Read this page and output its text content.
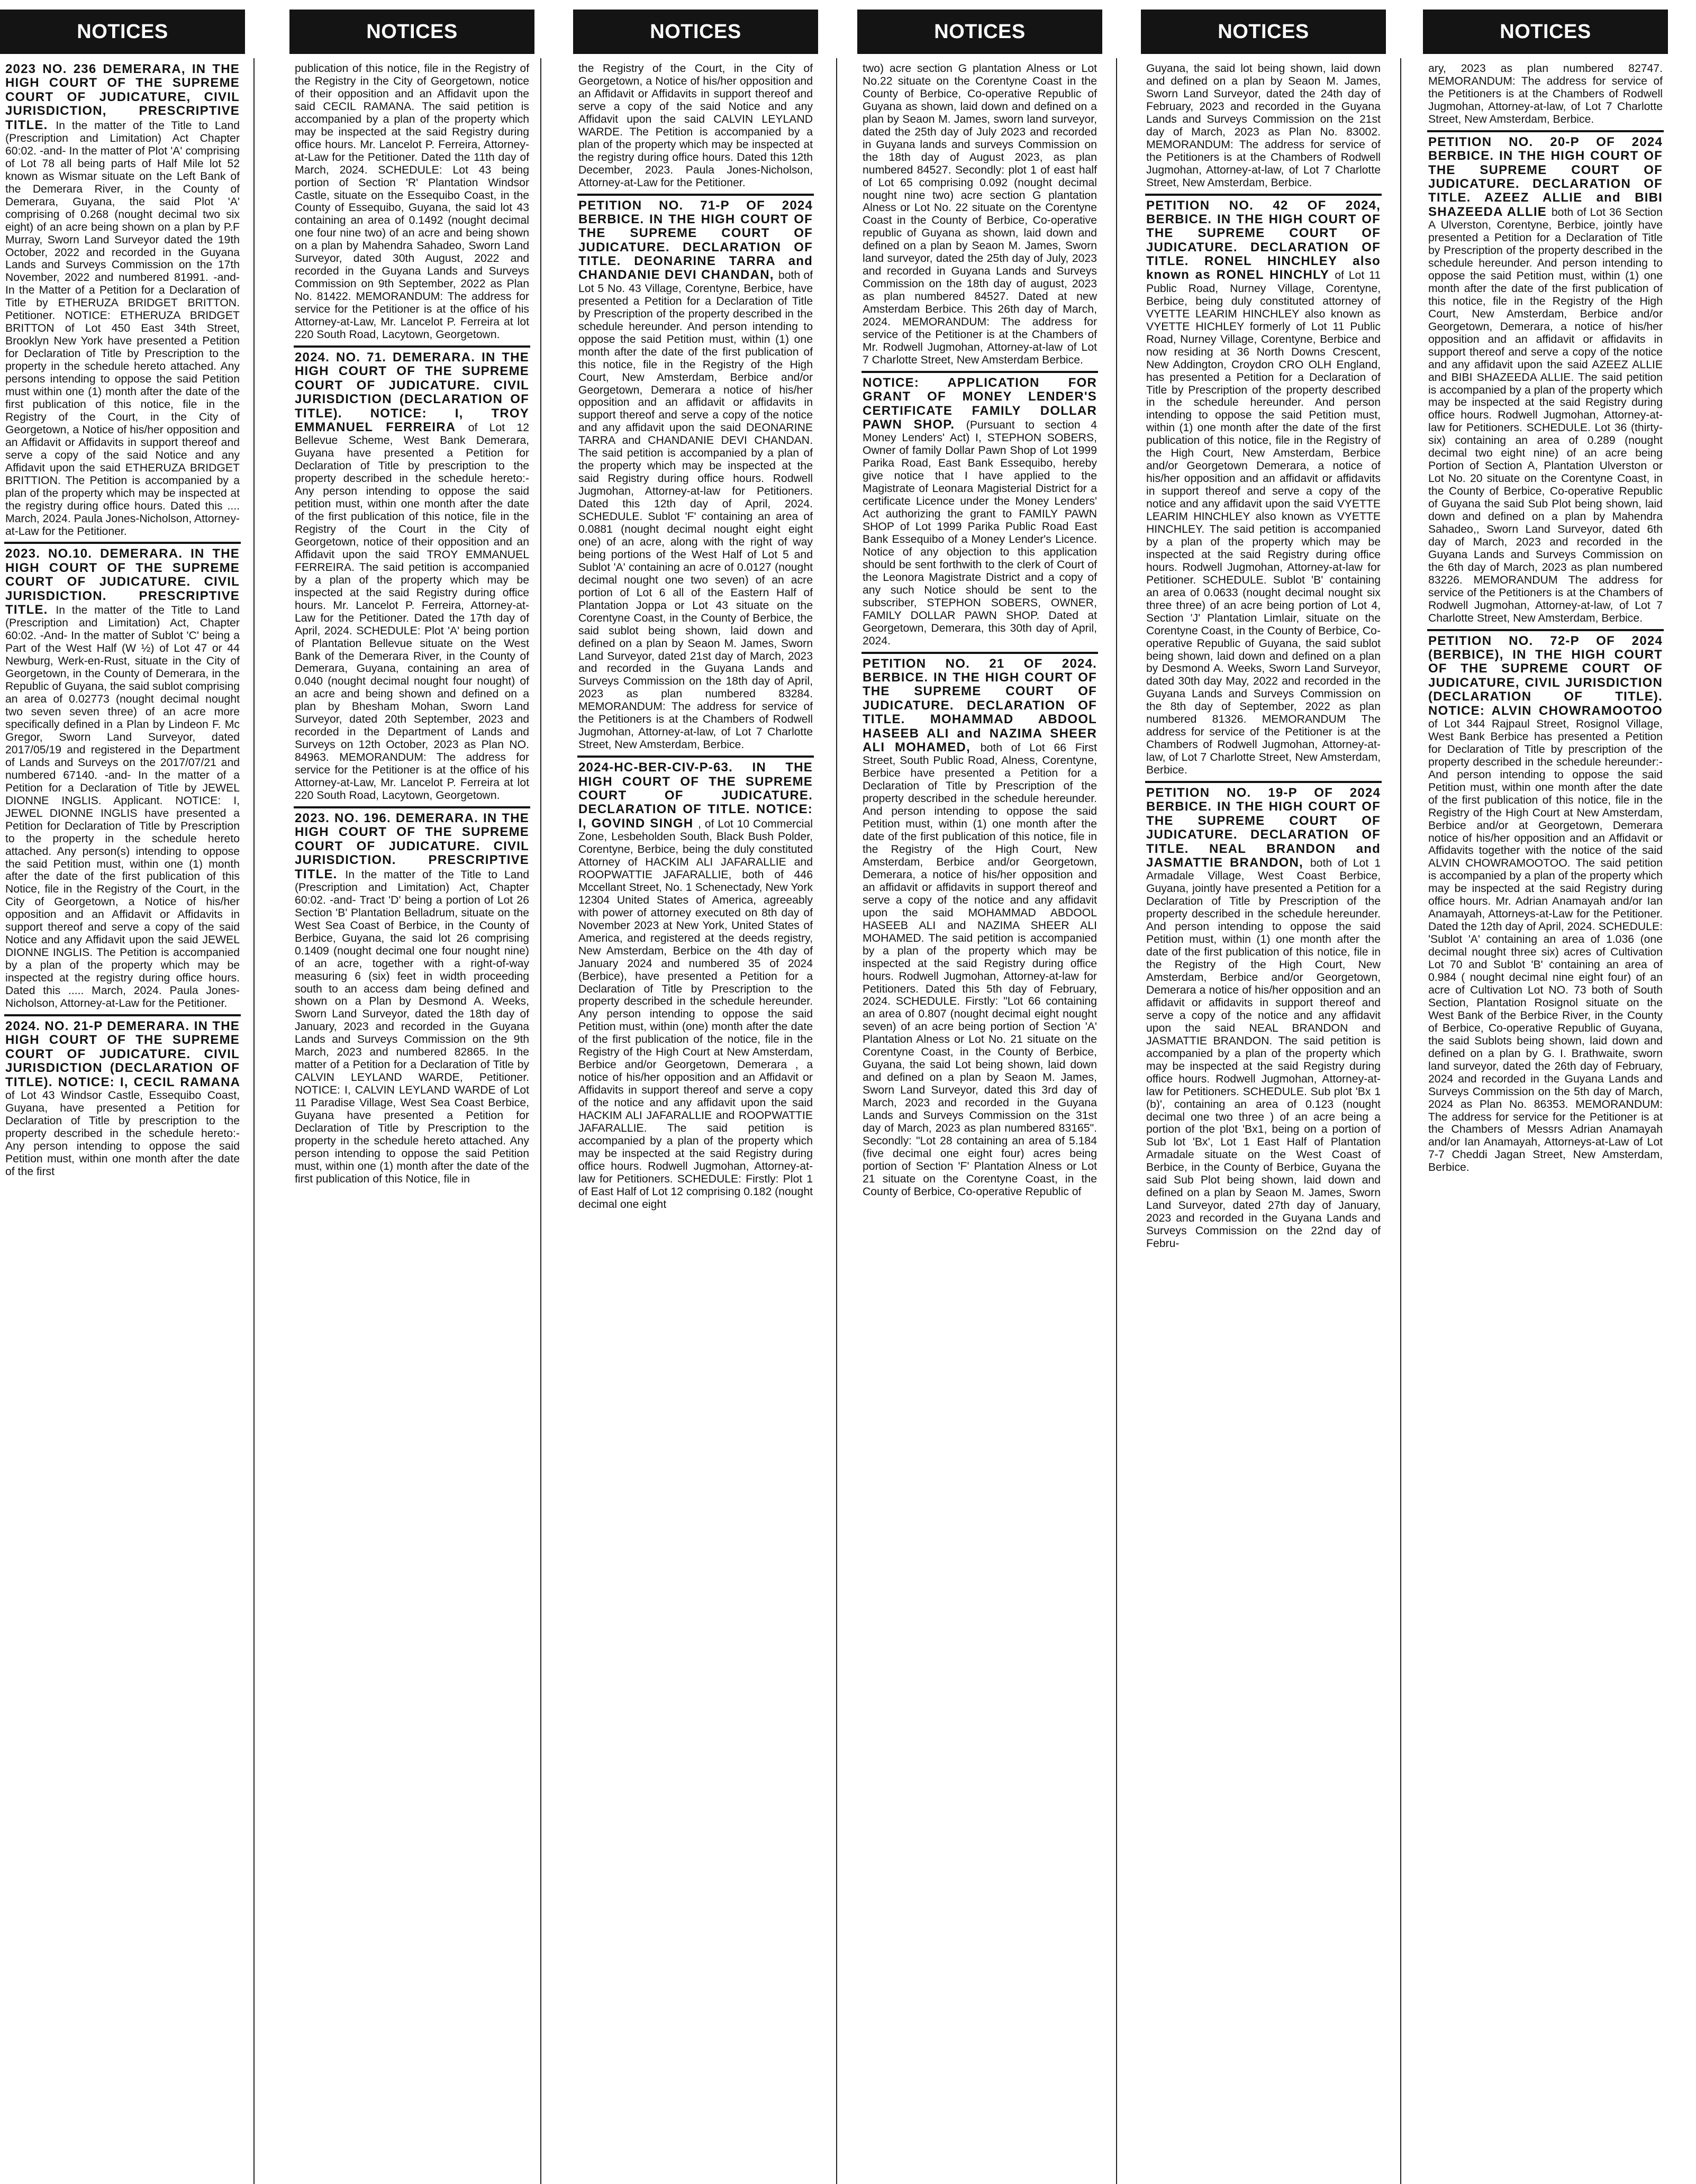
NOTICES
2023 NO. 236 DEMERARA, IN THE HIGH COURT OF THE SUPREME COURT OF JUDICATURE, CIVIL JURISDICTION, PRESCRIPTIVE TITLE. In the matter of the Title to Land (Prescription and Limitation) Act Chapter 60:02. -and- In the matter of Plot 'A' comprising of Lot 78 all being parts of Half Mile lot 52 known as Wismar situate on the Left Bank of the Demerara River, in the County of Demerara, Guyana, the said Plot 'A' comprising of 0.268 (nought decimal two six eight) of an acre being shown on a plan by P.F Murray, Sworn Land Surveyor dated the 19th October, 2022 and recorded in the Guyana Lands and Surveys Commission on the 17th November, 2022 and numbered 81991. -and- In the Matter of a Petition for a Declaration of Title by ETHERUZA BRIDGET BRITTON. Petitioner. NOTICE: ETHERUZA BRIDGET BRITTON of Lot 450 East 34th Street, Brooklyn New York have presented a Petition for Declaration of Title by Prescription to the property in the schedule hereto attached. Any persons intending to oppose the said Petition must within one (1) month after the date of the first publication of this notice, file in the Registry of the Court, in the City of Georgetown, a Notice of his/her opposition and an Affidavit or Affidavits in support thereof and serve a copy of the said Notice and any Affidavit upon the said ETHERUZA BRIDGET BRITTION. The Petition is accompanied by a plan of the property which may be inspected at the registry during office hours. Dated this .... March, 2024. Paula Jones-Nicholson, Attorney-at-Law for the Petitioner.
2023. NO.10. DEMERARA. IN THE HIGH COURT OF THE SUPREME COURT OF JUDICATURE. CIVIL JURISDICTION. PRESCRIPTIVE TITLE. In the matter of the Title to Land (Prescription and Limitation) Act, Chapter 60:02. -And- In the matter of Sublot 'C' being a Part of the West Half (W ½) of Lot 47 or 44 Newburg, Werk-en-Rust, situate in the City of Georgetown, in the County of Demerara, in the Republic of Guyana, the said sublot comprising an area of 0.02773 (nought decimal nought two seven seven three) of an acre more specifically defined in a Plan by Lindeon F. Mc Gregor, Sworn Land Surveyor, dated 2017/05/19 and registered in the Department of Lands and Surveys on the 2017/07/21 and numbered 67140. -and- In the matter of a Petition for a Declaration of Title by JEWEL DIONNE INGLIS. Applicant. NOTICE: I, JEWEL DIONNE INGLIS have presented a Petition for Declaration of Title by Prescription to the property in the schedule hereto attached. Any person(s) intending to oppose the said Petition must, within one (1) month after the date of the first publication of this Notice, file in the Registry of the Court, in the City of Georgetown, a Notice of his/her opposition and an Affidavit or Affidavits in support thereof and serve a copy of the said Notice and any Affidavit upon the said JEWEL DIONNE INGLIS. The Petition is accompanied by a plan of the property which may be inspected at the registry during office hours. Dated this ..... March, 2024. Paula Jones-Nicholson, Attorney-at-Law for the Petitioner.
2024. NO. 21-P DEMERARA. IN THE HIGH COURT OF THE SUPREME COURT OF JUDICATURE. CIVIL JURISDICTION (DECLARATION OF TITLE). NOTICE: I, CECIL RAMANA of Lot 43 Windsor Castle, Essequibo Coast, Guyana, have presented a Petition for Declaration of Title by prescription to the property described in the schedule hereto:- Any person intending to oppose the said Petition must, within one month after the date of the first
NOTICES
publication of this notice, file in the Registry of the Registry in the City of Georgetown, notice of their opposition and an Affidavit upon the said CECIL RAMANA. The said petition is accompanied by a plan of the property which may be inspected at the said Registry during office hours. Mr. Lancelot P. Ferreira, Attorney-at-Law for the Petitioner. Dated the 11th day of March, 2024. SCHEDULE: Lot 43 being portion of Section 'R' Plantation Windsor Castle, situate on the Essequibo Coast, in the County of Essequibo, Guyana, the said lot 43 containing an area of 0.1492 (nought decimal one four nine two) of an acre and being shown on a plan by Mahendra Sahadeo, Sworn Land Surveyor, dated 30th August, 2022 and recorded in the Guyana Lands and Surveys Commission on 9th September, 2022 as Plan No. 81422. MEMORANDUM: The address for service for the Petitioner is at the office of his Attorney-at-Law, Mr. Lancelot P. Ferreira at lot 220 South Road, Lacytown, Georgetown.
2024. NO. 71. DEMERARA. IN THE HIGH COURT OF THE SUPREME COURT OF JUDICATURE. CIVIL JURISDICTION (DECLARATION OF TITLE). NOTICE: I, TROY EMMANUEL FERREIRA of Lot 12 Bellevue Scheme, West Bank Demerara, Guyana have presented a Petition for Declaration of Title by prescription to the property described in the schedule hereto:- Any person intending to oppose the said petition must, within one month after the date of the first publication of this notice, file in the Registry of the Court in the City of Georgetown, notice of their opposition and an Affidavit upon the said TROY EMMANUEL FERREIRA. The said petition is accompanied by a plan of the property which may be inspected at the said Registry during office hours. Mr. Lancelot P. Ferreira, Attorney-at-Law for the Petitioner. Dated the 17th day of April, 2024. SCHEDULE: Plot 'A' being portion of Plantation Bellevue situate on the West Bank of the Demerara River, in the County of Demerara, Guyana, containing an area of 0.040 (nought decimal nought four nought) of an acre and being shown and defined on a plan by Bhesham Mohan, Sworn Land Surveyor, dated 20th September, 2023 and recorded in the Department of Lands and Surveys on 12th October, 2023 as Plan NO. 84963. MEMORANDUM: The address for service for the Petitioner is at the office of his Attorney-at-Law, Mr. Lancelot P. Ferreira at lot 220 South Road, Lacytown, Georgetown.
2023. NO. 196. DEMERARA. IN THE HIGH COURT OF THE SUPREME COURT OF JUDICATURE. CIVIL JURISDICTION. PRESCRIPTIVE TITLE. In the matter of the Title to Land (Prescription and Limitation) Act, Chapter 60:02. -and- Tract 'D' being a portion of Lot 26 Section 'B' Plantation Belladrum, situate on the West Sea Coast of Berbice, in the County of Berbice, Guyana, the said lot 26 comprising 0.1409 (nought decimal one four nought nine) of an acre, together with a right-of-way measuring 6 (six) feet in width proceeding south to an access dam being defined and shown on a Plan by Desmond A. Weeks, Sworn Land Surveyor, dated the 18th day of January, 2023 and recorded in the Guyana Lands and Surveys Commission on the 9th March, 2023 and numbered 82865. In the matter of a Petition for a Declaration of Title by CALVIN LEYLAND WARDE, Petitioner. NOTICE: I, CALVIN LEYLAND WARDE of Lot 11 Paradise Village, West Sea Coast Berbice, Guyana have presented a Petition for Declaration of Title by Prescription to the property in the schedule hereto attached. Any person intending to oppose the said Petition must, within one (1) month after the date of the first publication of this Notice, file in
NOTICES
the Registry of the Court, in the City of Georgetown, a Notice of his/her opposition and an Affidavit or Affidavits in support thereof and serve a copy of the said Notice and any Affidavit upon the said CALVIN LEYLAND WARDE. The Petition is accompanied by a plan of the property which may be inspected at the registry during office hours. Dated this 12th December, 2023. Paula Jones-Nicholson, Attorney-at-Law for the Petitioner.
PETITION NO. 71-P OF 2024 BERBICE. IN THE HIGH COURT OF THE SUPREME COURT OF JUDICATURE. DECLARATION OF TITLE. DEONARINE TARRA and CHANDANIE DEVI CHANDAN, both of Lot 5 No. 43 Village, Corentyne, Berbice, have presented a Petition for a Declaration of Title by Prescription of the property described in the schedule hereunder. And person intending to oppose the said Petition must, within (1) one month after the date of the first publication of this notice, file in the Registry of the High Court, New Amsterdam, Berbice and/or Georgetown, Demerara a notice of his/her opposition and an affidavit or affidavits in support thereof and serve a copy of the notice and any affidavit upon the said DEONARINE TARRA and CHANDANIE DEVI CHANDAN. The said petition is accompanied by a plan of the property which may be inspected at the said Registry during office hours. Rodwell Jugmohan, Attorney-at-law for Petitioners. Dated this 12th day of April, 2024. SCHEDULE. Sublot 'F' containing an area of 0.0881 (nought decimal nought eight eight one) of an acre, along with the right of way being portions of the West Half of Lot 5 and Sublot 'A' containing an acre of 0.0127 (nought decimal nought one two seven) of an acre portion of Lot 6 all of the Eastern Half of Plantation Joppa or Lot 43 situate on the Corentyne Coast, in the County of Berbice, the said sublot being shown, laid down and defined on a plan by Seaon M. James, Sworn Land Surveyor, dated 21st day of March, 2023 and recorded in the Guyana Lands and Surveys Commission on the 18th day of April, 2023 as plan numbered 83284. MEMORANDUM: The address for service of the Petitioners is at the Chambers of Rodwell Jugmohan, Attorney-at-law, of Lot 7 Charlotte Street, New Amsterdam, Berbice.
2024-HC-BER-CIV-P-63. IN THE HIGH COURT OF THE SUPREME COURT OF JUDICATURE. DECLARATION OF TITLE. NOTICE: I, GOVIND SINGH , of Lot 10 Commercial Zone, Lesbeholden South, Black Bush Polder, Corentyne, Berbice, being the duly constituted Attorney of HACKIM ALI JAFARALLIE and ROOPWATTIE JAFARALLIE, both of 446 Mccellant Street, No. 1 Schenectady, New York 12304 United States of America, agreeably with power of attorney executed on 8th day of November 2023 at New York, United States of America, and registered at the deeds registry, New Amsterdam, Berbice on the 4th day of January 2024 and numbered 35 of 2024 (Berbice), have presented a Petition for a Declaration of Title by Prescription to the property described in the schedule hereunder. Any person intending to oppose the said Petition must, within (one) month after the date of the first publication of the notice, file in the Registry of the High Court at New Amsterdam, Berbice and/or Georgetown, Demerara , a notice of his/her opposition and an Affidavit or Affidavits in support thereof and serve a copy of the notice and any affidavit upon the said HACKIM ALI JAFARALLIE and ROOPWATTIE JAFARALLIE. The said petition is accompanied by a plan of the property which may be inspected at the said Registry during office hours. Rodwell Jugmohan, Attorney-at-law for Petitioners. SCHEDULE: Firstly: Plot 1 of East Half of Lot 12 comprising 0.182 (nought decimal one eight
NOTICES
two) acre section G plantation Alness or Lot No.22 situate on the Corentyne Coast in the County of Berbice, Co-operative Republic of Guyana as shown, laid down and defined on a plan by Seaon M. James, sworn land surveyor, dated the 25th day of July 2023 and recorded in Guyana lands and surveys Commission on the 18th day of August 2023, as plan numbered 84527. Secondly: plot 1 of east half of Lot 65 comprising 0.092 (nought decimal nought nine two) acre section G plantation Alness or Lot No. 22 situate on the Corentyne Coast in the County of Berbice, Co-operative republic of Guyana as shown, laid down and defined on a plan by Seaon M. James, Sworn land surveyor, dated the 25th day of July, 2023 and recorded in Guyana Lands and Surveys Commission on the 18th day of august, 2023 as plan numbered 84527. Dated at new Amsterdam Berbice. This 26th day of March, 2024. MEMORANDUM: The address for service of the Petitioner is at the Chambers of Mr. Rodwell Jugmohan, Attorney-at-law of Lot 7 Charlotte Street, New Amsterdam Berbice.
NOTICE: APPLICATION FOR GRANT OF MONEY LENDER'S CERTIFICATE FAMILY DOLLAR PAWN SHOP. (Pursuant to section 4 Money Lenders' Act) I, STEPHON SOBERS, Owner of family Dollar Pawn Shop of Lot 1999 Parika Road, East Bank Essequibo, hereby give notice that I have applied to the Magistrate of Leonara Magisterial District for a certificate Licence under the Money Lenders' Act authorizing the grant to FAMILY PAWN SHOP of Lot 1999 Parika Public Road East Bank Essequibo of a Money Lender's Licence. Notice of any objection to this application should be sent forthwith to the clerk of Court of the Leonora Magistrate District and a copy of any such Notice should be sent to the subscriber, STEPHON SOBERS, OWNER, FAMILY DOLLAR PAWN SHOP. Dated at Georgetown, Demerara, this 30th day of April, 2024.
PETITION NO. 21 OF 2024. BERBICE. IN THE HIGH COURT OF THE SUPREME COURT OF JUDICATURE. DECLARATION OF TITLE. MOHAMMAD ABDOOL HASEEB ALI and NAZIMA SHEER ALI MOHAMED, both of Lot 66 First Street, South Public Road, Alness, Corentyne, Berbice have presented a Petition for a Declaration of Title by Prescription of the property described in the schedule hereunder. And person intending to oppose the said Petition must, within (1) one month after the date of the first publication of this notice, file in the Registry of the High Court, New Amsterdam, Berbice and/or Georgetown, Demerara, a notice of his/her opposition and an affidavit or affidavits in support thereof and serve a copy of the notice and any affidavit upon the said MOHAMMAD ABDOOL HASEEB ALI and NAZIMA SHEER ALI MOHAMED. The said petition is accompanied by a plan of the property which may be inspected at the said Registry during office hours. Rodwell Jugmohan, Attorney-at-law for Petitioners. Dated this 5th day of February, 2024. SCHEDULE. Firstly: "Lot 66 containing an area of 0.807 (nought decimal eight nought seven) of an acre being portion of Section 'A' Plantation Alness or Lot No. 21 situate on the Corentyne Coast, in the County of Berbice, Guyana, the said Lot being shown, laid down and defined on a plan by Seaon M. James, Sworn Land Surveyor, dated this 3rd day of March, 2023 and recorded in the Guyana Lands and Surveys Commission on the 31st day of March, 2023 as plan numbered 83165". Secondly: "Lot 28 containing an area of 5.184 (five decimal one eight four) acres being portion of Section 'F' Plantation Alness or Lot 21 situate on the Corentyne Coast, in the County of Berbice, Co-operative Republic of
NOTICES
Guyana, the said lot being shown, laid down and defined on a plan by Seaon M. James, Sworn Land Surveyor, dated the 24th day of February, 2023 and recorded in the Guyana Lands and Surveys Commission on the 21st day of March, 2023 as Plan No. 83002. MEMORANDUM: The address for service of the Petitioners is at the Chambers of Rodwell Jugmohan, Attorney-at-law, of Lot 7 Charlotte Street, New Amsterdam, Berbice.
PETITION NO. 42 OF 2024, BERBICE. IN THE HIGH COURT OF THE SUPREME COURT OF JUDICATURE. DECLARATION OF TITLE. RONEL HINCHLEY also known as RONEL HINCHLY of Lot 11 Public Road, Nurney Village, Corentyne, Berbice, being duly constituted attorney of VYETTE LEARIM HINCHLEY also known as VYETTE HICHLEY formerly of Lot 11 Public Road, Nurney Village, Corentyne, Berbice and now residing at 36 North Downs Crescent, New Addington, Croydon CRO OLH England, has presented a Petition for a Declaration of Title by Prescription of the property described in the schedule hereunder. And person intending to oppose the said Petition must, within (1) one month after the date of the first publication of this notice, file in the Registry of the High Court, New Amsterdam, Berbice and/or Georgetown Demerara, a notice of his/her opposition and an affidavit or affidavits in support thereof and serve a copy of the notice and any affidavit upon the said VYETTE LEARIM HINCHLEY also known as VYETTE HINCHLEY. The said petition is accompanied by a plan of the property which may be inspected at the said Registry during office hours. Rodwell Jugmohan, Attorney-at-law for Petitioner. SCHEDULE. Sublot 'B' containing an area of 0.0633 (nought decimal nought six three three) of an acre being portion of Lot 4, Section 'J' Plantation Limlair, situate on the Corentyne Coast, in the County of Berbice, Co-operative Republic of Guyana, the said sublot being shown, laid down and defined on a plan by Desmond A. Weeks, Sworn Land Surveyor, dated 30th day May, 2022 and recorded in the Guyana Lands and Surveys Commission on the 8th day of September, 2022 as plan numbered 81326. MEMORANDUM The address for service of the Petitioner is at the Chambers of Rodwell Jugmohan, Attorney-at-law, of Lot 7 Charlotte Street, New Amsterdam, Berbice.
PETITION NO. 19-P OF 2024 BERBICE. IN THE HIGH COURT OF THE SUPREME COURT OF JUDICATURE. DECLARATION OF TITLE. NEAL BRANDON and JASMATTIE BRANDON, both of Lot 1 Armadale Village, West Coast Berbice, Guyana, jointly have presented a Petition for a Declaration of Title by Prescription of the property described in the schedule hereunder. And person intending to oppose the said Petition must, within (1) one month after the date of the first publication of this notice, file in the Registry of the High Court, New Amsterdam, Berbice and/or Georgetown, Demerara a notice of his/her opposition and an affidavit or affidavits in support thereof and serve a copy of the notice and any affidavit upon the said NEAL BRANDON and JASMATTIE BRANDON. The said petition is accompanied by a plan of the property which may be inspected at the said Registry during office hours. Rodwell Jugmohan, Attorney-at-law for Petitioners. SCHEDULE. Sub plot 'Bx 1 (b)', containing an area of 0.123 (nought decimal one two three ) of an acre being a portion of the plot 'Bx1, being on a portion of Sub lot 'Bx', Lot 1 East Half of Plantation Armadale situate on the West Coast of Berbice, in the County of Berbice, Guyana the said Sub Plot being shown, laid down and defined on a plan by Seaon M. James, Sworn Land Surveyor, dated 27th day of January, 2023 and recorded in the Guyana Lands and Surveys Commission on the 22nd day of Febru-
NOTICES
ary, 2023 as plan numbered 82747. MEMORANDUM: The address for service of the Petitioners is at the Chambers of Rodwell Jugmohan, Attorney-at-law, of Lot 7 Charlotte Street, New Amsterdam, Berbice.
PETITION NO. 20-P OF 2024 BERBICE. IN THE HIGH COURT OF THE SUPREME COURT OF JUDICATURE. DECLARATION OF TITLE. AZEEZ ALLIE and BIBI SHAZEEDA ALLIE both of Lot 36 Section A Ulverston, Corentyne, Berbice, jointly have presented a Petition for a Declaration of Title by Prescription of the property described in the schedule hereunder. And person intending to oppose the said Petition must, within (1) one month after the date of the first publication of this notice, file in the Registry of the High Court, New Amsterdam, Berbice and/or Georgetown, Demerara, a notice of his/her opposition and an affidavit or affidavits in support thereof and serve a copy of the notice and any affidavit upon the said AZEEZ ALLIE and BIBI SHAZEEDA ALLIE. The said petition is accompanied by a plan of the property which may be inspected at the said Registry during office hours. Rodwell Jugmohan, Attorney-at-law for Petitioners. SCHEDULE. Lot 36 (thirty-six) containing an area of 0.289 (nought decimal two eight nine) of an acre being Portion of Section A, Plantation Ulverston or Lot No. 20 situate on the Corentyne Coast, in the County of Berbice, Co-operative Republic of Guyana the said Sub Plot being shown, laid down and defined on a plan by Mahendra Sahadeo,, Sworn Land Surveyor, dated 6th day of March, 2023 and recorded in the Guyana Lands and Surveys Commission on the 6th day of March, 2023 as plan numbered 83226. MEMORANDUM The address for service of the Petitioners is at the Chambers of Rodwell Jugmohan, Attorney-at-law, of Lot 7 Charlotte Street, New Amsterdam, Berbice.
PETITION NO. 72-P OF 2024 (BERBICE), IN THE HIGH COURT OF THE SUPREME COURT OF JUDICATURE, CIVIL JURISDICTION (DECLARATION OF TITLE). NOTICE: ALVIN CHOWRAMOOTOO of Lot 344 Rajpaul Street, Rosignol Village, West Bank Berbice has presented a Petition for Declaration of Title by prescription of the property described in the schedule hereunder:- And person intending to oppose the said Petition must, within one month after the date of the first publication of this notice, file in the Registry of the High Court at New Amsterdam, Berbice and/or at Georgetown, Demerara notice of his/her opposition and an Affidavit or Affidavits together with the notice of the said ALVIN CHOWRAMOOTOO. The said petition is accompanied by a plan of the property which may be inspected at the said Registry during office hours. Mr. Adrian Anamayah and/or Ian Anamayah, Attorneys-at-Law for the Petitioner. Dated the 12th day of April, 2024. SCHEDULE: 'Sublot 'A' containing an area of 1.036 (one decimal nought three six) acres of Cultivation Lot 70 and Sublot 'B' containing an area of 0.984 ( nought decimal nine eight four) of an acre of Cultivation Lot NO. 73 both of South Section, Plantation Rosignol situate on the West Bank of the Berbice River, in the County of Berbice, Co-operative Republic of Guyana, the said Sublots being shown, laid down and defined on a plan by G. I. Brathwaite, sworn land surveyor, dated the 26th day of February, 2024 and recorded in the Guyana Lands and Surveys Commission on the 5th day of March, 2024 as Plan No. 86353. MEMORANDUM: The address for service for the Petitioner is at the Chambers of Messrs Adrian Anamayah and/or Ian Anamayah, Attorneys-at-Law of Lot 7-7 Cheddi Jagan Street, New Amsterdam, Berbice.
